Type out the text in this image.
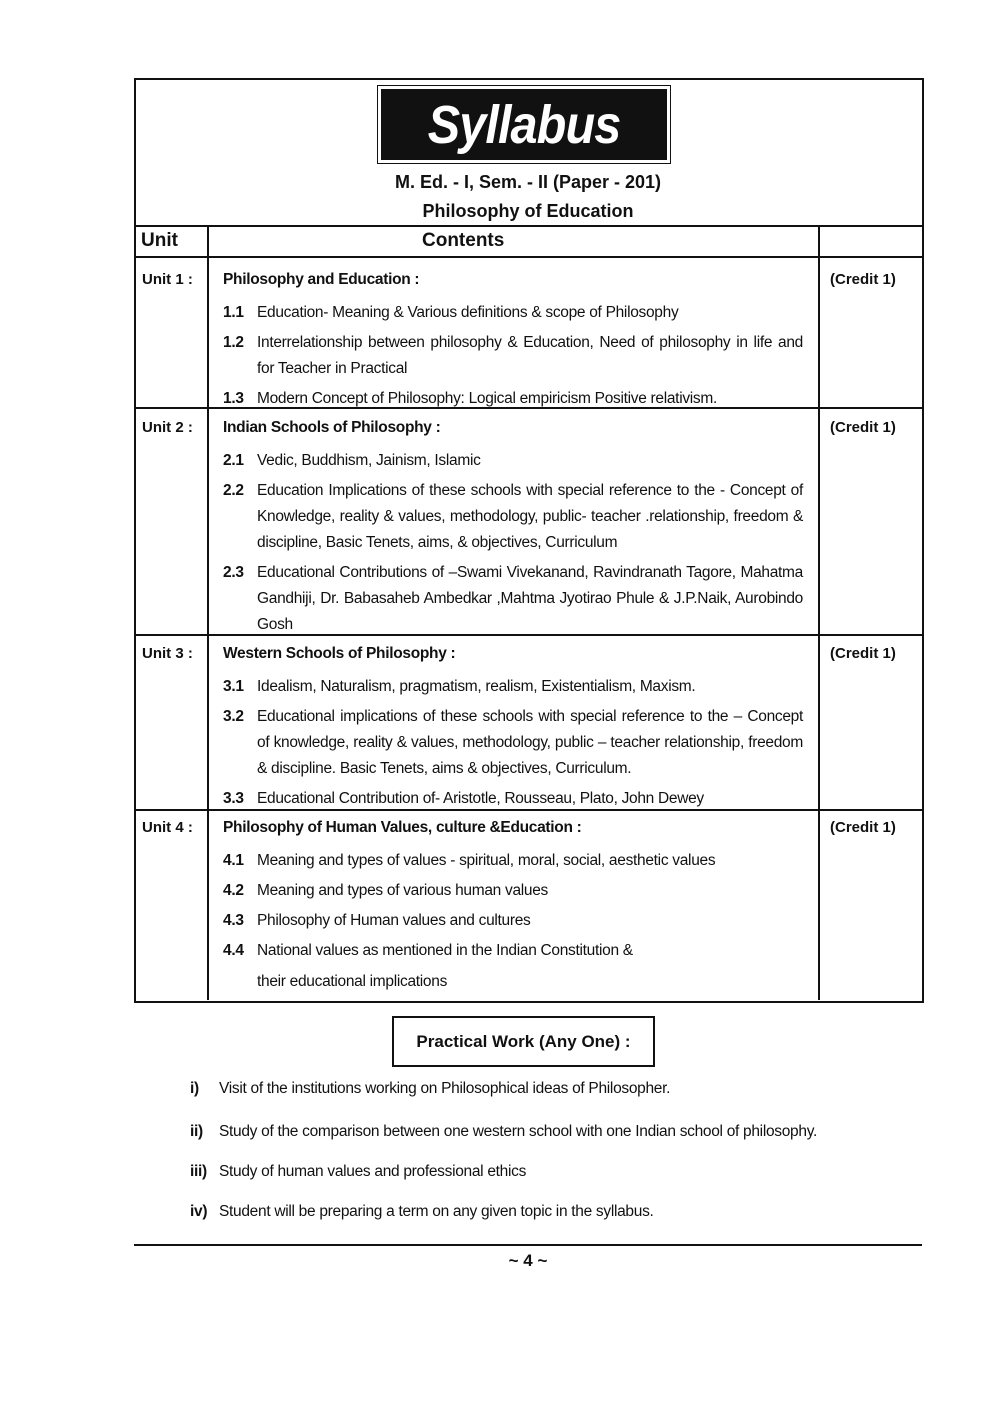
Syllabus
M. Ed. - I, Sem. - II (Paper - 201)
Philosophy of Education
Unit	Contents
Unit 1 :	(Credit 1)
Philosophy and Education :
1.1 Education- Meaning & Various definitions & scope of Philosophy
1.2 Interrelationship between philosophy & Education, Need of philosophy in life and for Teacher in Practical
1.3 Modern Concept of Philosophy: Logical empiricism Positive relativism.
Unit 2 :	(Credit 1)
Indian Schools of Philosophy :
2.1 Vedic, Buddhism, Jainism, Islamic
2.2 Education Implications of these schools with special reference to the - Concept of Knowledge, reality & values, methodology, public- teacher .relationship, freedom & discipline, Basic Tenets, aims, & objectives, Curriculum
2.3 Educational Contributions of –Swami Vivekanand, Ravindranath Tagore, Mahatma Gandhiji, Dr. Babasaheb Ambedkar ,Mahtma Jyotirao Phule & J.P.Naik, Aurobindo Gosh
Unit 3 :	(Credit 1)
Western Schools of Philosophy :
3.1 Idealism, Naturalism, pragmatism, realism, Existentialism, Maxism.
3.2 Educational implications of these schools with special reference to the – Concept of knowledge, reality & values, methodology, public – teacher relationship, freedom & discipline. Basic Tenets, aims & objectives, Curriculum.
3.3 Educational Contribution of- Aristotle, Rousseau, Plato, John Dewey
Unit 4 :	(Credit 1)
Philosophy of Human Values, culture &Education :
4.1 Meaning and types of values - spiritual, moral, social, aesthetic values
4.2 Meaning and types of various human values
4.3 Philosophy of Human values and cultures
4.4 National values as mentioned in the Indian Constitution &
their educational implications
Practical Work (Any One) :
i)	Visit of the institutions working on Philosophical ideas of Philosopher.
ii)	Study of the comparison between one western school with one Indian school of philosophy.
iii) Study of human values and professional ethics
iv) Student will be preparing a term on any given topic in the syllabus.
~ 4 ~
